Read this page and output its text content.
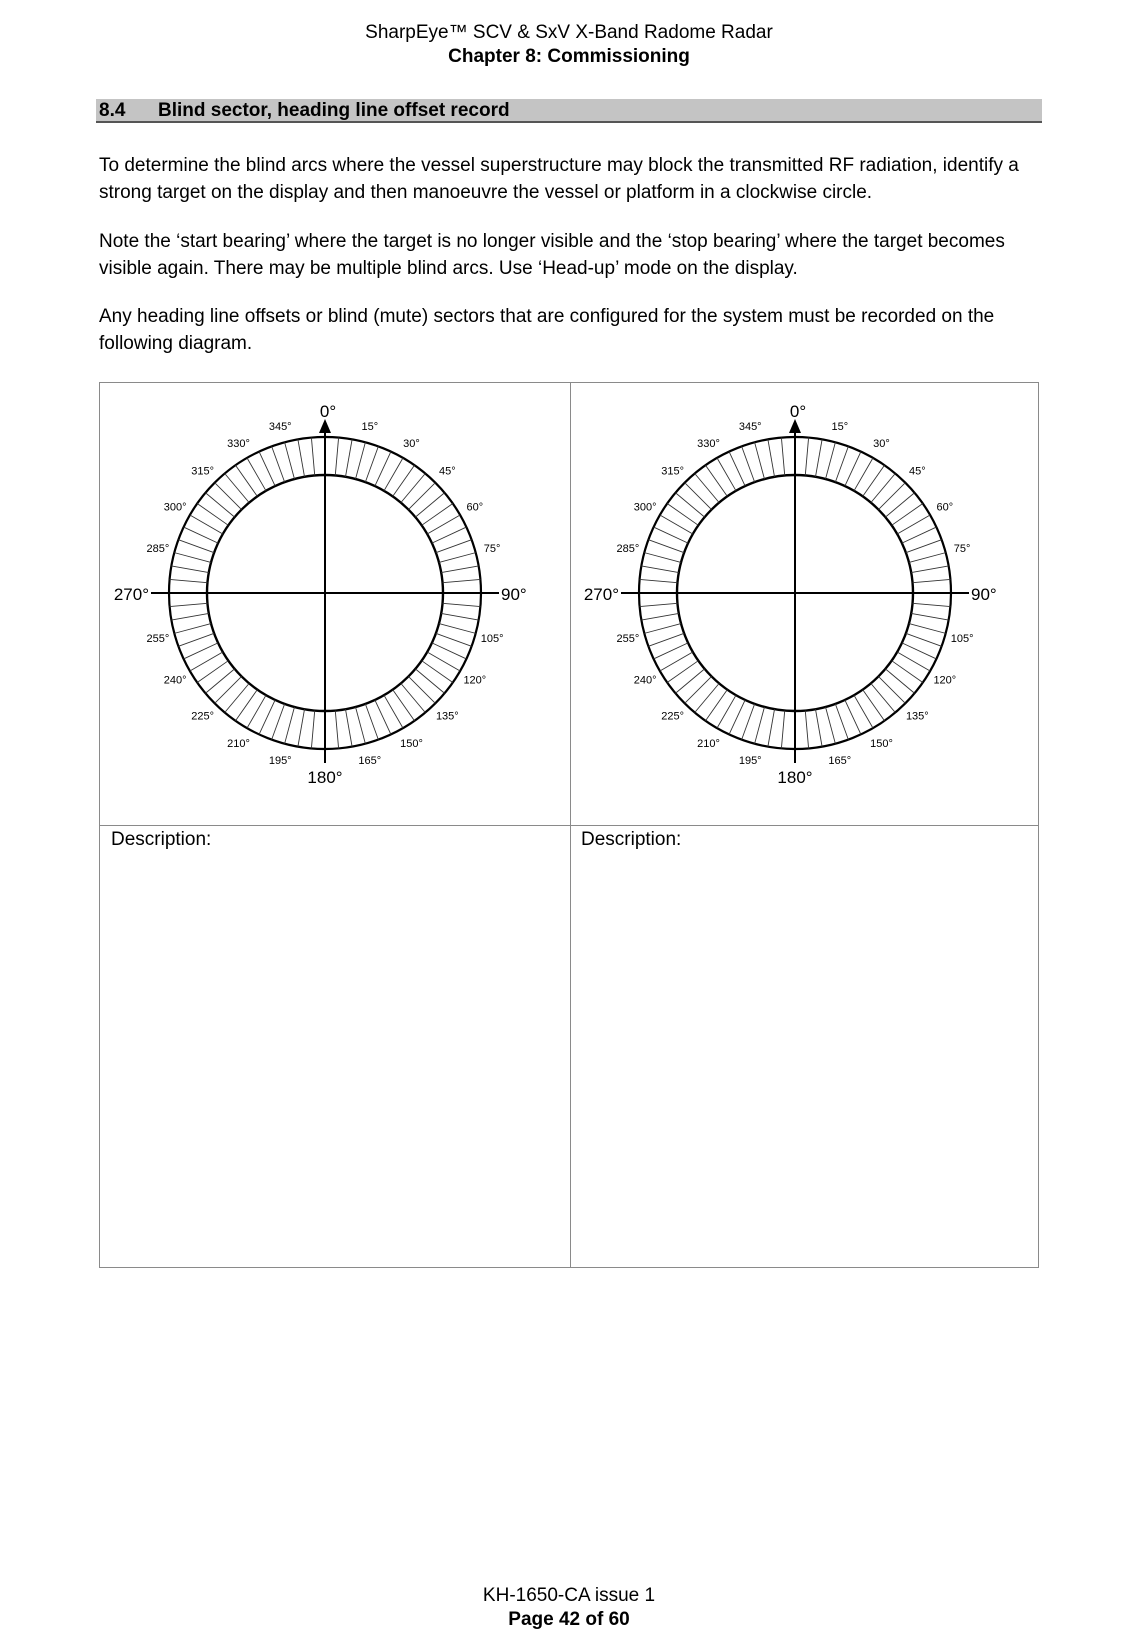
SharpEye™ SCV & SxV X-Band Radome Radar
Chapter 8: Commissioning
8.4 Blind sector, heading line offset record

To determine the blind arcs where the vessel superstructure may block the transmitted RF radiation, identify a strong target on the display and then manoeuvre the vessel or platform in a clockwise circle.

Note the ‘start bearing’ where the target is no longer visible and the ‘stop bearing’ where the target becomes visible again. There may be multiple blind arcs. Use ‘Head-up’ mode on the display.

Any heading line offsets or blind (mute) sectors that are configured for the system must be recorded on the following diagram.

15°
30°
45°
60°
75°
105°
120°
135°
150°
165°
195°
210°
225°
240°
255°
285°
300°
315°
330°
345°
0°
90°
180°
270°
15°
30°
45°
60°
75°
105°
120°
135°
150°
165°
195°
210°
225°
240°
255°
285°
300°
315°
330°
345°
0°
90°
180°
270°
Description:	Description:
KH-1650-CA issue 1
Page 42 of 60
